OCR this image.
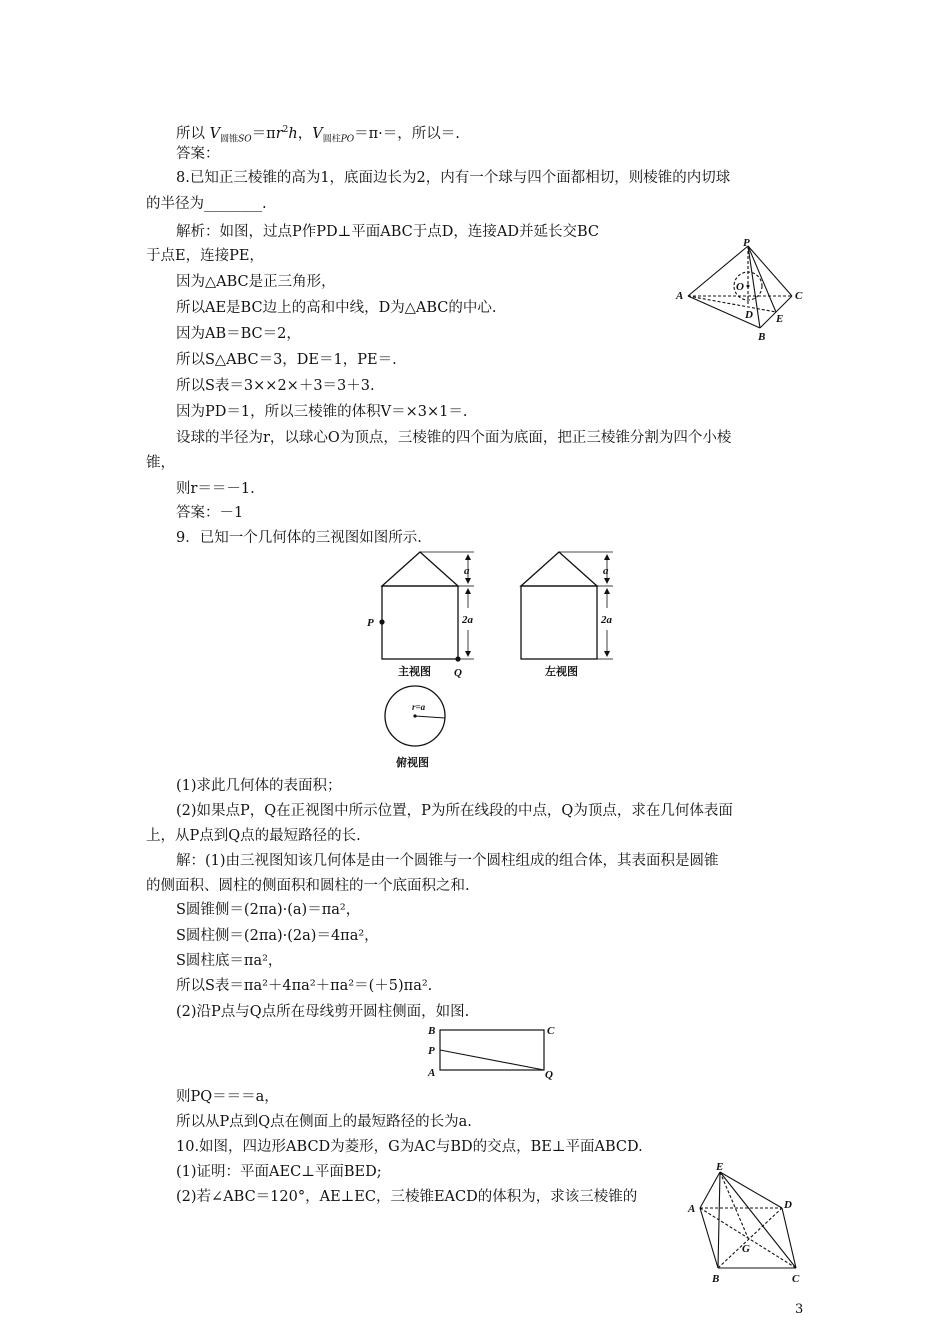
所以 $V_{圆锥SO}=\pi r^2h$，$V_{圆柱PO}=\pi\cdot=$，所以＝.
答案：
8.已知正三棱锥的高为1，底面边长为2，内有一个球与四个面都相切，则棱锥的内切球
的半径为________.
解析：如图，过点P作PD⊥平面ABC于点D，连接AD并延长交BC
于点E，连接PE，
因为△ABC是正三角形，
所以AE是BC边上的高和中线，D为△ABC的中心.
因为AB＝BC＝2，
所以S△ABC＝3，DE＝1，PE＝.
所以S表＝3××2×＋3＝3＋3.
因为PD＝1，所以三棱锥的体积V＝×3×1＝.
设球的半径为r，以球心O为顶点，三棱锥的四个面为底面，把正三棱锥分割为四个小棱
锥，
则r＝＝－1.
答案：－1
9．已知一个几何体的三视图如图所示.
(1)求此几何体的表面积；
(2)如果点P，Q在正视图中所示位置，P为所在线段的中点，Q为顶点，求在几何体表面
上，从P点到Q点的最短路径的长.
解：(1)由三视图知该几何体是由一个圆锥与一个圆柱组成的组合体，其表面积是圆锥
的侧面积、圆柱的侧面积和圆柱的一个底面积之和.
S圆锥侧＝(2πa)·(a)＝πa²，
S圆柱侧＝(2πa)·(2a)＝4πa²，
S圆柱底＝πa²，
所以S表＝πa²＋4πa²＋πa²＝(＋5)πa².
(2)沿P点与Q点所在母线剪开圆柱侧面，如图.
则PQ＝＝＝a，
所以从P点到Q点在侧面上的最短路径的长为a.
10.如图，四边形ABCD为菱形，G为AC与BD的交点，BE⊥平面ABCD.
(1)证明：平面AEC⊥平面BED;
(2)若∠ABC＝120°，AE⊥EC，三棱锥EACD的体积为，求该三棱锥的
P
O
A	C
D E
B
a
2a
P
Q
主视图
a
2a
左视图
r=a
俯视图
B	C
P
A	Q
E
D
A
G
B	C
3
